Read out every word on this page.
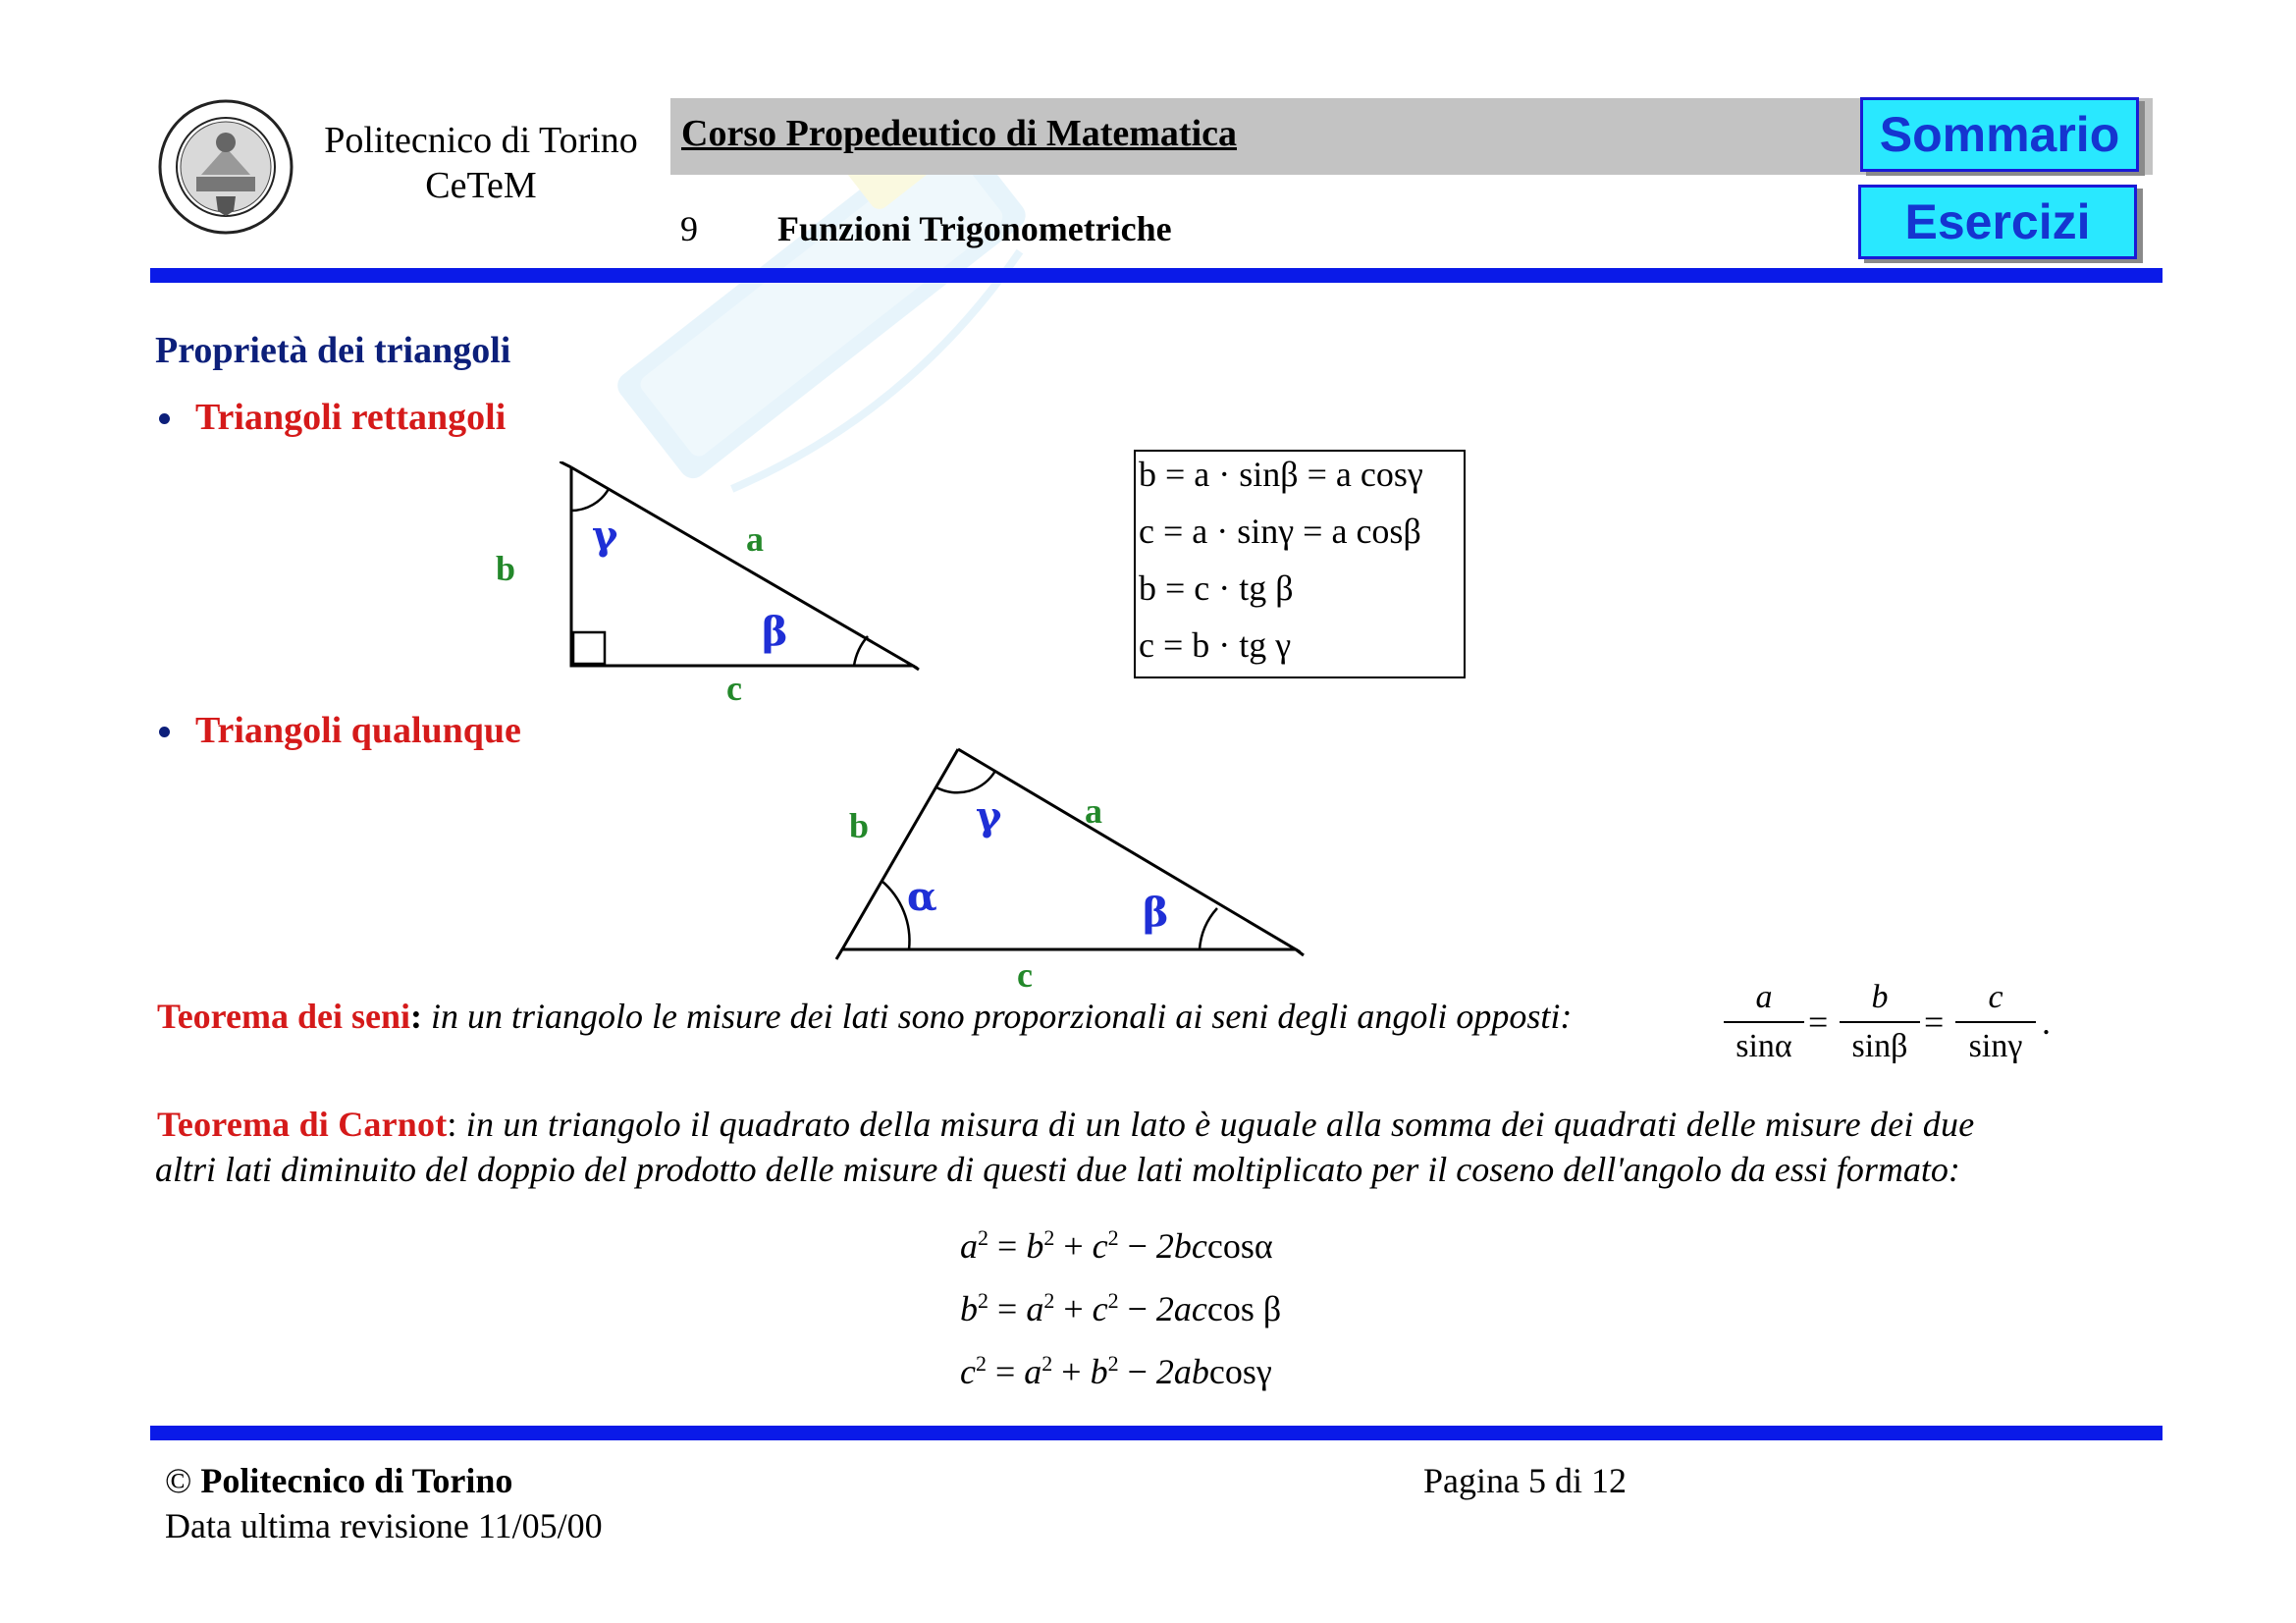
Politecnico di Torino
CeTeM
Corso Propedeutico di Matematica
9 Funzioni Trigonometriche
Sommario
Esercizi
Proprietà dei triangoli
Triangoli rettangoli
b
a
c
γ
β
b = a · sinβ = a cosγ
c = a · sinγ = a cosβ
b = c · tg β
c = b · tg γ
Triangoli qualunque
b	a
c
γ
α	β
Teorema dei seni: in un triangolo le misure dei lati sono proporzionali ai seni degli angoli opposti:	a
sinα
=
b
sinβ
=
c
sinγ
.
Teorema di Carnot: in un triangolo il quadrato della misura di un lato è uguale alla somma dei quadrati delle misure dei due
altri lati diminuito del doppio del prodotto delle misure di questi due lati moltiplicato per il coseno dell'angolo da essi formato:
$a^2 = b^2 + c^2 - 2bccos\alpha$
$b^2 = a^2 + c^2 - 2accos$ β
$c^2 = a^2 + b^2 - 2abcos\gamma$
© Politecnico di Torino
Data ultima revisione 11/05/00
Pagina 5 di 12
